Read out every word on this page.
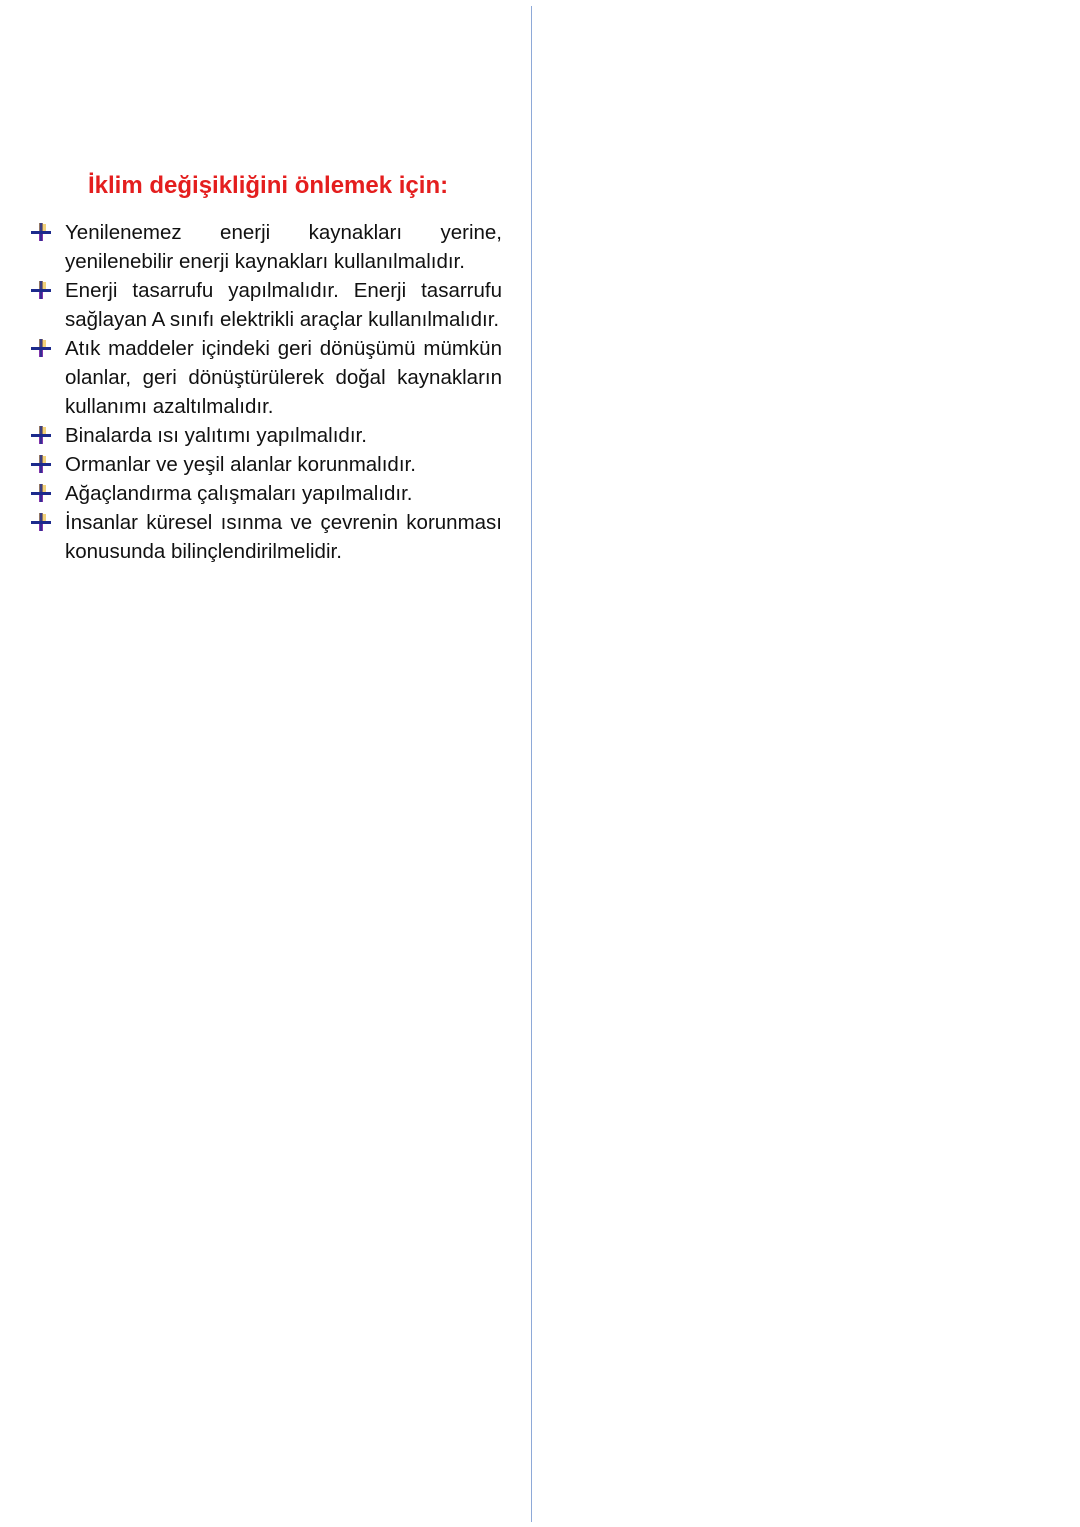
İklim değişikliğini önlemek için:
Yenilenemez enerji kaynakları yerine, yenilenebilir enerji kaynakları kullanılmalıdır.
Enerji tasarrufu yapılmalıdır. Enerji tasarrufu sağlayan A sınıfı elektrikli araçlar kullanılmalıdır.
Atık maddeler içindeki geri dönüşümü mümkün olanlar, geri dönüştürülerek doğal kaynakların kullanımı azaltılmalıdır.
Binalarda ısı yalıtımı yapılmalıdır.
Ormanlar ve yeşil alanlar korunmalıdır.
Ağaçlandırma çalışmaları yapılmalıdır.
İnsanlar küresel ısınma ve çevrenin korunması konusunda bilinçlendirilmelidir.
